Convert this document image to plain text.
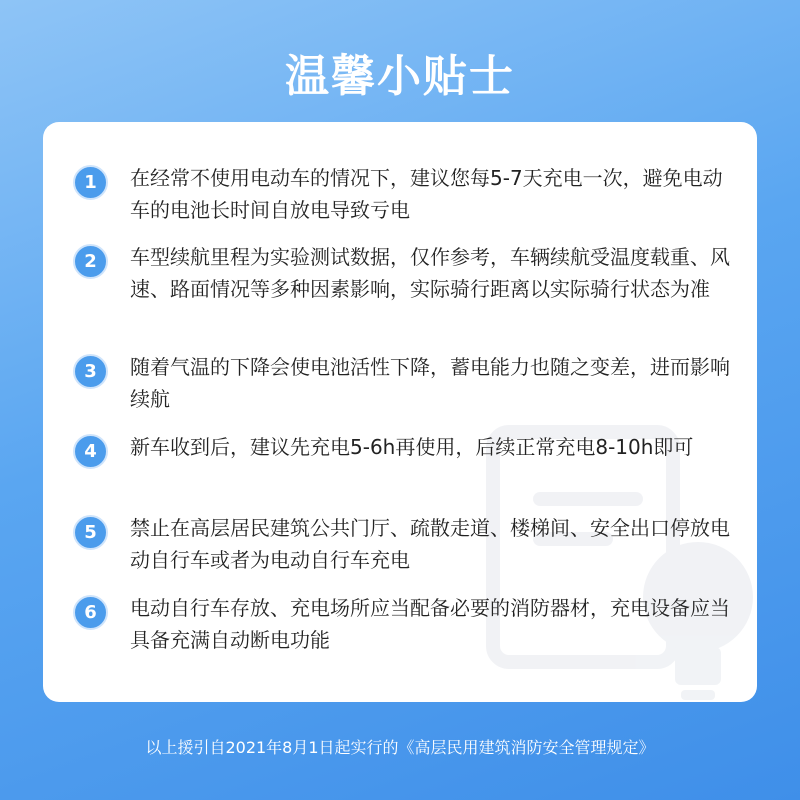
温馨小贴士
1	在经常不使用电动车的情况下，建议您每5-7天充电一次，避免电动车的电池长时间自放电导致亏电
2	车型续航里程为实验测试数据，仅作参考，车辆续航受温度载重、风速、路面情况等多种因素影响，实际骑行距离以实际骑行状态为准
3	随着气温的下降会使电池活性下降，蓄电能力也随之变差，进而影响续航
4	新车收到后，建议先充电5-6h再使用，后续正常充电8-10h即可
5	禁止在高层居民建筑公共门厅、疏散走道、楼梯间、安全出口停放电动自行车或者为电动自行车充电
6	电动自行车存放、充电场所应当配备必要的消防器材，充电设备应当具备充满自动断电功能
以上援引自2021年8月1日起实行的《高层民用建筑消防安全管理规定》
